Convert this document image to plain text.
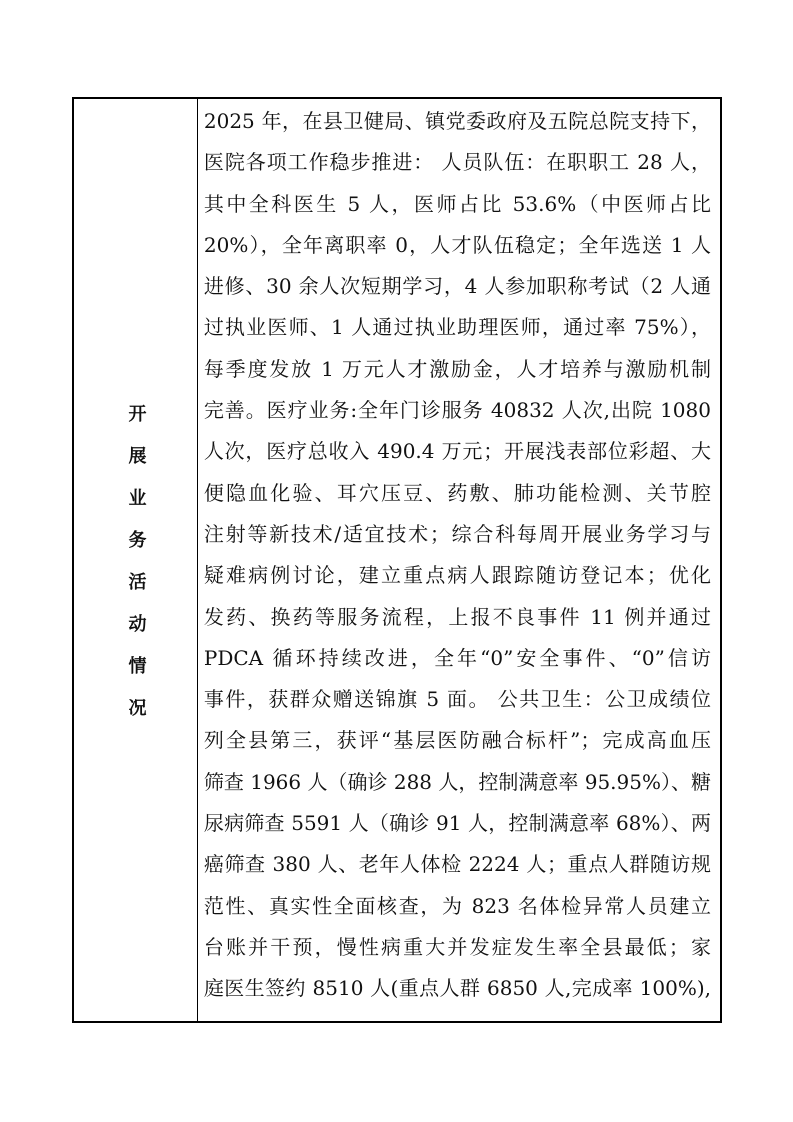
开展业务活动情况
2025 年，在县卫健局、镇党委政府及五院总院支持下，
医院各项工作稳步推进： 人员队伍：在职职工 28 人，
其中全科医生 5 人，医师占比 53.6%（中医师占比
20%），全年离职率 0，人才队伍稳定；全年选送 1 人
进修、30 余人次短期学习，4 人参加职称考试（2 人通
过执业医师、1 人通过执业助理医师，通过率 75%），
每季度发放 1 万元人才激励金，人才培养与激励机制
完善。医疗业务:全年门诊服务 40832 人次,出院 1080
人次，医疗总收入 490.4 万元；开展浅表部位彩超、大
便隐血化验、耳穴压豆、药敷、肺功能检测、关节腔
注射等新技术/适宜技术；综合科每周开展业务学习与
疑难病例讨论，建立重点病人跟踪随访登记本；优化
发药、换药等服务流程，上报不良事件 11 例并通过
PDCA 循环持续改进，全年“0”安全事件、“0”信访
事件，获群众赠送锦旗 5 面。 公共卫生：公卫成绩位
列全县第三，获评“基层医防融合标杆”；完成高血压
筛查 1966 人（确诊 288 人，控制满意率 95.95%）、糖
尿病筛查 5591 人（确诊 91 人，控制满意率 68%）、两
癌筛查 380 人、老年人体检 2224 人；重点人群随访规
范性、真实性全面核查，为 823 名体检异常人员建立
台账并干预，慢性病重大并发症发生率全县最低；家
庭医生签约 8510 人(重点人群 6850 人,完成率 100%),
